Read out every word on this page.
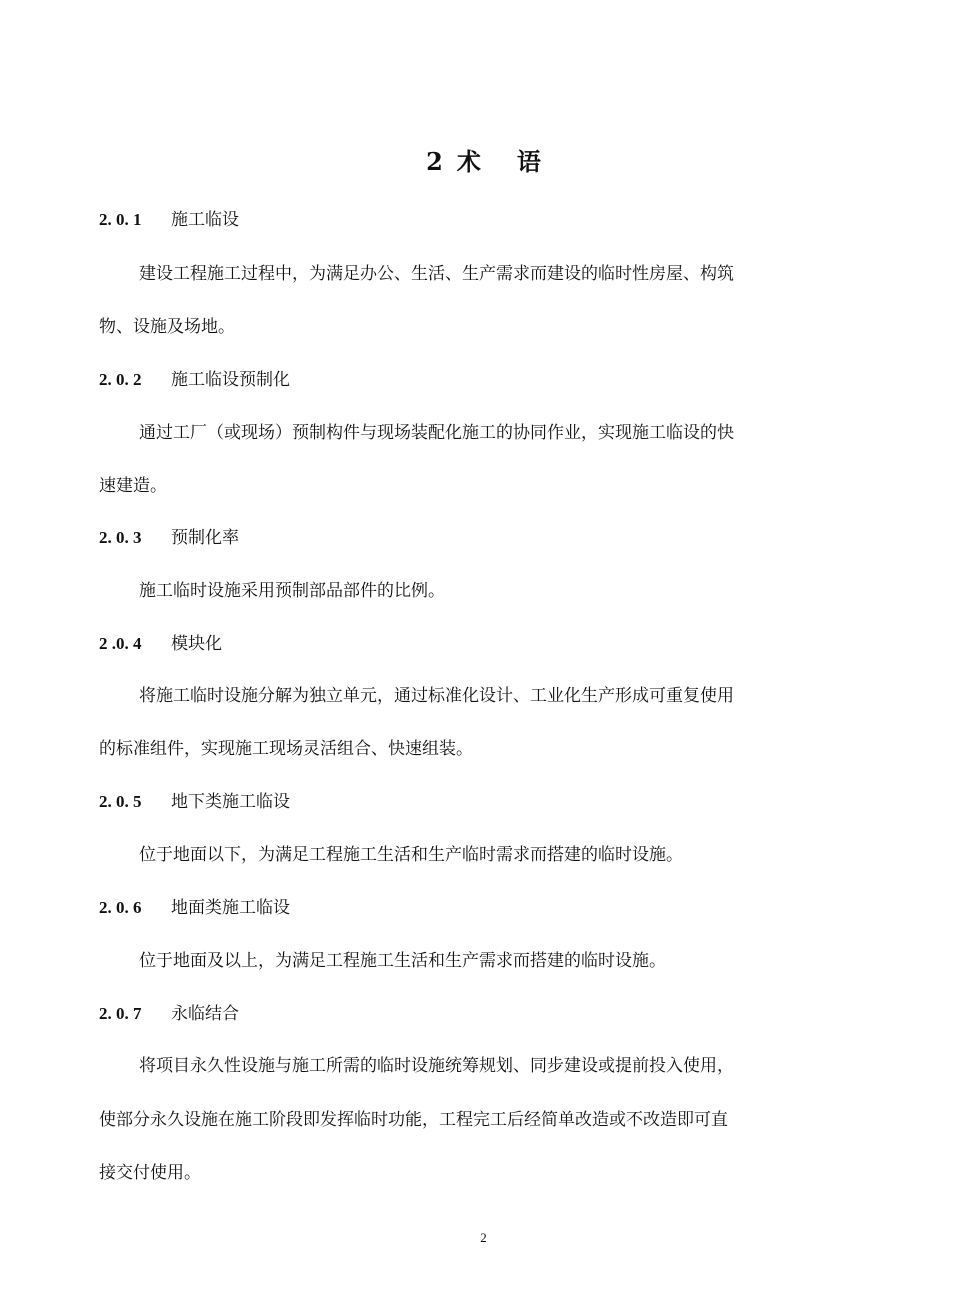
2 术 语
2. 0. 1 施工临设

建设工程施工过程中，为满足办公、生活、生产需求而建设的临时性房屋、构筑

物、设施及场地。

2. 0. 2 施工临设预制化

通过工厂（或现场）预制构件与现场装配化施工的协同作业，实现施工临设的快

速建造。

2. 0. 3 预制化率

施工临时设施采用预制部品部件的比例。

2 .0. 4 模块化

将施工临时设施分解为独立单元，通过标准化设计、工业化生产形成可重复使用

的标准组件，实现施工现场灵活组合、快速组装。

2. 0. 5 地下类施工临设

位于地面以下，为满足工程施工生活和生产临时需求而搭建的临时设施。

2. 0. 6 地面类施工临设

位于地面及以上，为满足工程施工生活和生产需求而搭建的临时设施。

2. 0. 7 永临结合

将项目永久性设施与施工所需的临时设施统筹规划、同步建设或提前投入使用，

使部分永久设施在施工阶段即发挥临时功能，工程完工后经简单改造或不改造即可直

接交付使用。

2
